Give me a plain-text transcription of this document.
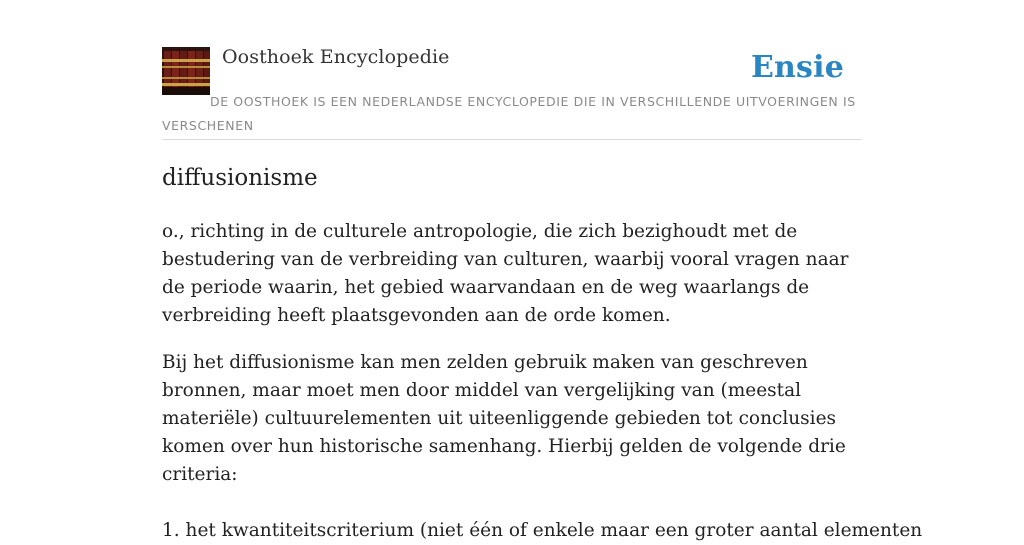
Oosthoek Encyclopedie	Ensie
DE OOSTHOEK IS EEN NEDERLANDSE ENCYCLOPEDIE DIE IN VERSCHILLENDE UITVOERINGEN IS VERSCHENEN
diffusionisme

o., richting in de culturele antropologie, die zich bezighoudt met de bestudering van de verbreiding van culturen, waarbij vooral vragen naar de periode waarin, het gebied waarvandaan en de weg waarlangs de verbreiding heeft plaatsgevonden aan de orde komen.

Bij het diffusionisme kan men zelden gebruik maken van geschreven bronnen, maar moet men door middel van vergelijking van (meestal materiële) cultuurelementen uit uiteenliggende gebieden tot conclusies komen over hun historische samenhang. Hierbij gelden de volgende drie criteria:

1. het kwantiteitscriterium (niet één of enkele maar een groter aantal elementen
